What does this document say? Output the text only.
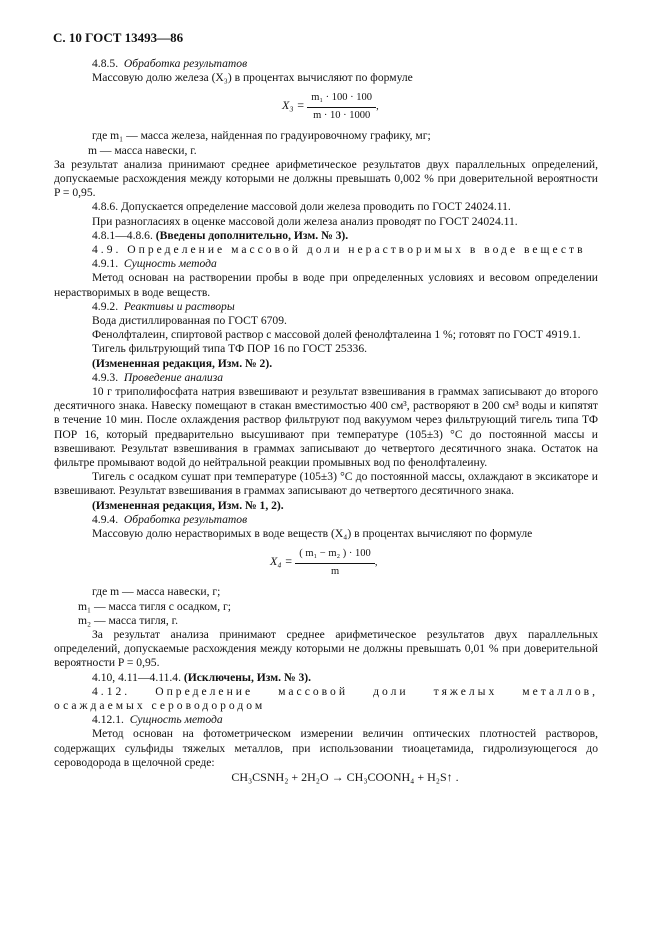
С. 10 ГОСТ 13493—86

4.8.5. Обработка результатов

Массовую долю железа (X₃) в процентах вычисляют по формуле

$X_3 = \frac{\text{m₁ · 100 · 100}}{m \cdot 10 \cdot 1000}$ ,

где m₁ — масса железа, найденная по градуировочному графику, мг;

m — масса навески, г.

За результат анализа принимают среднее арифметическое результатов двух параллельных определений, допускаемые расхождения между которыми не должны превышать 0,002 % при доверительной вероятности P = 0,95.

4.8.6. Допускается определение массовой доли железа проводить по ГОСТ 24024.11.

При разногласиях в оценке массовой доли железа анализ проводят по ГОСТ 24024.11.

4.8.1—4.8.6. (Введены дополнительно, Изм. № 3).

4.9. Определение массовой доли нерастворимых в воде веществ

4.9.1. Сущность метода

Метод основан на растворении пробы в воде при определенных условиях и весовом определении нерастворимых в воде веществ.

4.9.2. Реактивы и растворы

Вода дистиллированная по ГОСТ 6709.

Фенолфталеин, спиртовой раствор с массовой долей фенолфталеина 1 %; готовят по ГОСТ 4919.1.

Тигель фильтрующий типа ТФ ПОР 16 по ГОСТ 25336.

(Измененная редакция, Изм. № 2).

4.9.3. Проведение анализа

10 г триполифосфата натрия взвешивают и результат взвешивания в граммах записывают до второго десятичного знака. Навеску помещают в стакан вместимостью 400 см³, растворяют в 200 см³ воды и кипятят в течение 10 мин. После охлаждения раствор фильтруют под вакуумом через фильтрующий тигель типа ТФ ПОР 16, который предварительно высушивают при температуре (105±3) °С до постоянной массы и взвешивают. Результат взвешивания в граммах записывают до четвертого десятичного знака. Остаток на фильтре промывают водой до нейтральной реакции промывных вод по фенолфталеину.

Тигель с осадком сушат при температуре (105±3) °С до постоянной массы, охлаждают в эксикаторе и взвешивают. Результат взвешивания в граммах записывают до четвертого десятичного знака.

(Измененная редакция, Изм. № 1, 2).

4.9.4. Обработка результатов

Массовую долю нерастворимых в воде веществ (X₄) в процентах вычисляют по формуле

$X_4 = \frac{\text{( m₁ − m₂ ) · 100}}{m}$ ,

где m — масса навески, г;

m₁ — масса тигля с осадком, г;

m₂ — масса тигля, г.

За результат анализа принимают среднее арифметическое результатов двух параллельных определений, допускаемые расхождения между которыми не должны превышать 0,01 % при доверительной вероятности P = 0,95.

4.10, 4.11—4.11.4. (Исключены, Изм. № 3).

4.12. Определение массовой доли тяжелых металлов, осаждаемых сероводородом

4.12.1. Сущность метода

Метод основан на фотометрическом измерении величин оптических плотностей растворов, содержащих сульфиды тяжелых металлов, при использовании тиоацетамида, гидролизующегося до сероводорода в щелочной среде:

CH₃CSNH₂ + 2H₂O → CH₃COONH₄ + H₂S↑ .
